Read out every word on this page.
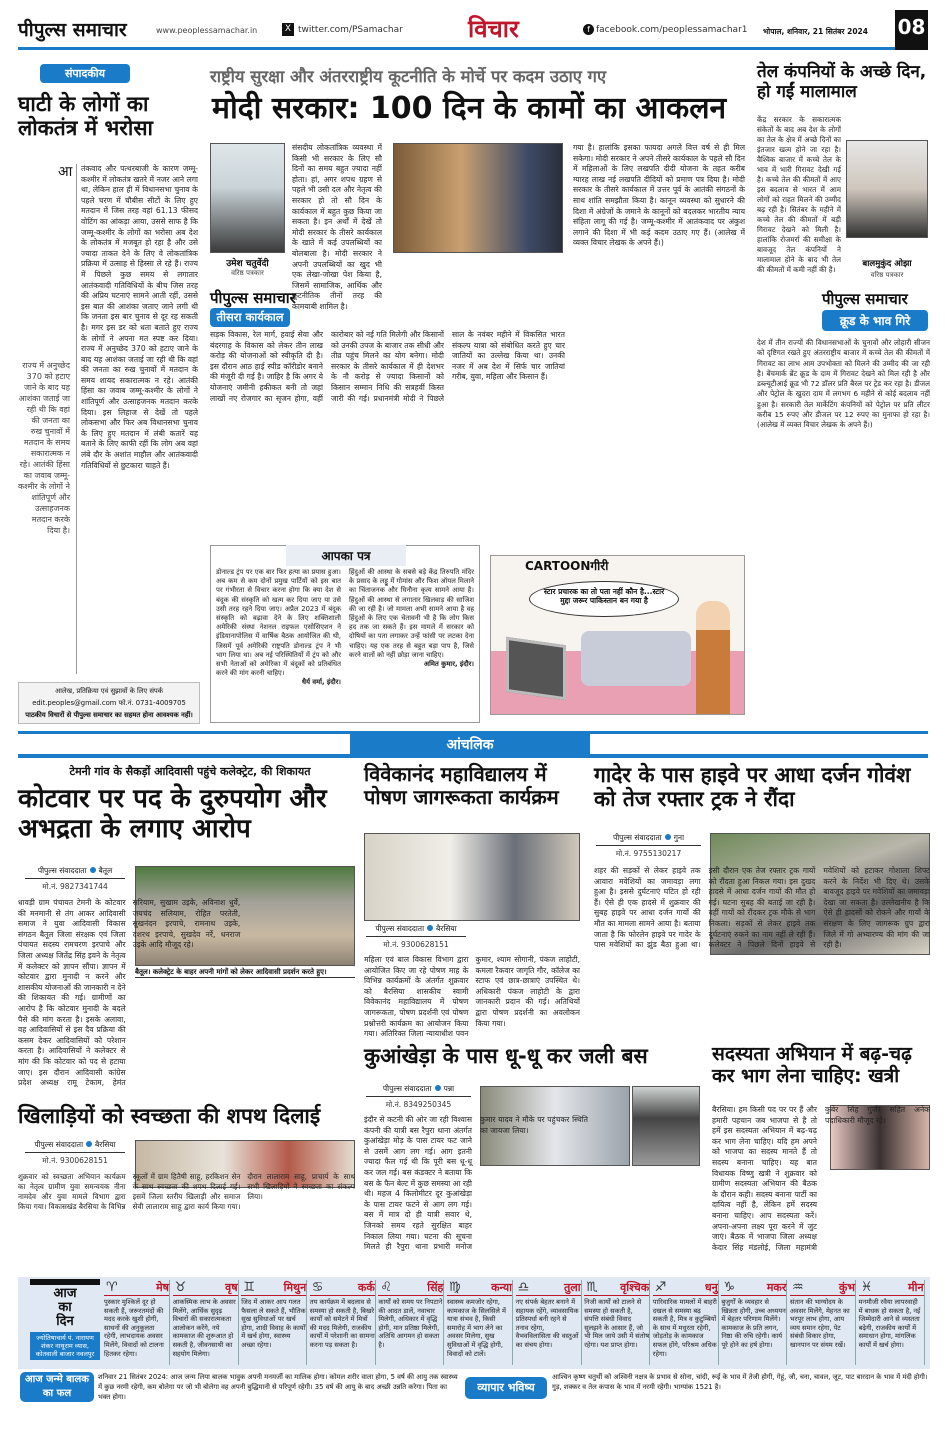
पीपुल्स समाचार	www.peoplessamachar.in	X twitter.com/PSamachar	विचार	f facebook.com/peoplessamachar1 भोपाल, शनिवार, 21 सितंबर 2024 08
संपादकीय
घाटी के लोगों का लोकतंत्र में भरोसा
आ
राज्य में अनुच्छेद 370 को हटाए जाने के बाद यह आशंका जताई जा रही थी कि वहां की जनता का रुख चुनावों में मतदान के समय सकारात्मक न रहे। आतंकी हिंसा का जवाब जम्मू-कश्मीर के लोगों ने शांतिपूर्ण और उत्साहजनक मतदान करके दिया है।
तंकवाद और पत्थरबाजी के कारण जम्मू-कश्मीर में लोकतंत्र खतरे में नजर आने लगा था, लेकिन हाल ही में विधानसभा चुनाव के पहले चरण में चौबीस सीटों के लिए हुए मतदान में जिस तरह वहां 61.13 फीसद वोटिंग का आंकड़ा आया, उससे साफ है कि जम्मू-कश्मीर के लोगों का भरोसा अब देश के लोकतंत्र में मजबूत हो रहा है और उसे ज्यादा ताकत देने के लिए वे लोकतांत्रिक प्रक्रिया में उत्साह से हिस्सा ले रहे हैं। राज्य में पिछले कुछ समय से लगातार आतंकवादी गतिविधियों के बीच जिस तरह की अप्रिय घटनाएं सामने आती रहीं, उससे इस बात की आशंका जताए जाने लगी थी कि जनता इस बार चुनाव से दूर रह सकती है। मगर इस डर को धता बताते हुए राज्य के लोगों ने अपना मत स्पष्ट कर दिया। राज्य में अनुच्छेद 370 को हटाए जाने के बाद यह आशंका जताई जा रही थी कि वहां की जनता का रुख चुनावों में मतदान के समय शायद सकारात्मक न रहे। आतंकी हिंसा का जवाब जम्मू-कश्मीर के लोगों ने शांतिपूर्ण और उत्साहजनक मतदान करके दिया। इस लिहाज से देखें तो पहले लोकसभा और फिर अब विधानसभा चुनाव के लिए हुए मतदान में लंबी कतारें यह बताने के लिए काफी रहीं कि लोग अब वहां लंबे दौर के अशांत माहौल और आतंकवादी गतिविधियों से छुटकारा चाहते हैं।
आलेख, प्रतिक्रिया एवं सुझावों के लिए संपर्क
edit.peoples@gmail.com फो.नं. 0731-4009705
पाठकीय विचारों से पीपुल्स समाचार का सहमत होना आवश्यक नहीं।
राष्ट्रीय सुरक्षा और अंतरराष्ट्रीय कूटनीति के मोर्चे पर कदम उठाए गए
मोदी सरकार: 100 दिन के कामों का आकलन
उमेश चतुर्वेदी
वरिष्ठ पत्रकार
पीपुल्स समाचार
तीसरा कार्यकाल
संसदीय लोकतांत्रिक व्यवस्था में किसी भी सरकार के लिए सौ दिनों का समय बहुत ज्यादा नहीं होता। हां, अगर शपथ ग्रहण से पहले भी उसी दल और नेतृत्व की सरकार हो तो सौ दिन के कार्यकाल में बहुत कुछ किया जा सकता है। इन अर्थों में देखें तो मोदी सरकार के तीसरे कार्यकाल के खाते में कई उपलब्धियों का बोलबाला है। मोदी सरकार ने अपनी उपलब्धियों का खुद भी एक लेखा-जोखा पेश किया है, जिसमें सामाजिक, आर्थिक और कूटनीतिक तीनों तरह की कामयाबी शामिल है।
सड़क विकास, रेल मार्ग, हवाई सेवा और बंदरगाह के विकास को लेकर तीन लाख करोड़ की योजनाओं को स्वीकृति दी है। इस दौरान आठ हाई स्पीड कॉरीडोर बनाने की मंजूरी दी गई है। जाहिर है कि अगर ये योजनाएं जमीनी हकीकत बनी तो जहां लाखों नए रोजगार का सृजन होगा, वहीं कारोबार को नई गति मिलेगी और किसानों को उनकी उपज के बाजार तक सीधी और तीव्र पहुंच मिलने का योग बनेगा। मोदी सरकार के तीसरे कार्यकाल में ही देशभर के नौ करोड़ से ज्यादा किसानों को किसान सम्मान निधि की सत्रहवीं किस्त जारी की गई। प्रधानमंत्री मोदी ने पिछले साल के नवंबर महीने में विकसित भारत संकल्प यात्रा को संबोधित करते हुए चार जातियों का उल्लेख किया था। उनकी नजर में अब देश में सिर्फ चार जातियां गरीब, युवा, महिला और किसान हैं।
गया है। हालांकि इसका फायदा अगले वित्त वर्ष से ही मिल सकेगा। मोदी सरकार ने अपने तीसरे कार्यकाल के पहले सौ दिन में महिलाओं के लिए लखपति दीदी योजना के तहत करीब ग्यारह लाख नई लखपति दीदियों को प्रमाण पत्र दिया है। मोदी सरकार के तीसरे कार्यकाल में उत्तर पूर्व के आतंकी संगठनों के साथ शांति समझौता किया है। कानून व्यवस्था को सुधारने की दिशा में अंग्रेजों के जमाने के कानूनों को बदलकर भारतीय न्याय संहिता लागू की गई है। जम्मू-कश्मीर में आतंकवाद पर अंकुश लगाने की दिशा में भी कई कदम उठाए गए हैं। (आलेख में व्यक्त विचार लेखक के अपने हैं।)
आपका पत्र
डोनाल्ड ट्रंप पर एक बार फिर हत्या का प्रयास हुआ। अब कम से कम दोनों प्रमुख पार्टियों को इस बात पर गंभीरता से विचार करना होगा कि क्या देश से बंदूक की संस्कृति को खत्म कर दिया जाए या उसे उसी तरह रहने दिया जाए। अप्रैल 2023 में बंदूक संस्कृति को बढ़ावा देने के लिए शक्तिशाली अमेरिकी संस्था नेशनल राइफल एसोसिएशन ने इंडियानापोलिस में वार्षिक बैठक आयोजित की थी, जिसमें पूर्व अमेरिकी राष्ट्रपति डोनाल्ड ट्रंप ने भी भाग लिया था। अब नई परिस्थितियों में ट्रंप को और सभी नेताओं को अमेरिका में बंदूकों को प्रतिबंधित करने की मांग करनी चाहिए।
धैर्य वर्मा, इंदौर।
हिंदुओं की आस्था के सबसे बड़े केंद्र तिरुपति मंदिर के प्रसाद के लड्डू में गोमांस और फिश ऑयल मिलाने का चिंताजनक और घिनौना कृत्य सामने आया है। हिंदुओं की आस्था से लगातार खिलवाड़ की साजिश की जा रही है। जो मामला अभी सामने आया है वह हिंदुओं के लिए एक चेतावनी भी है कि लोग किस हद तक जा सकते हैं। इस मामले में सरकार को दोषियों का पता लगाकर उन्हें फांसी पर लटका देना चाहिए। यह एक तरह से बहुत बड़ा पाप है, जिसे करने वालों को नहीं छोड़ा जाना चाहिए।
अमित कुमार, इंदौर।
CARTOONगीरी
स्टार प्रचारक का तो पता नहीं कौन है...स्टार मुद्दा जरूर पाकिस्तान बन गया है
तेल कंपनियों के अच्छे दिन, हो गईं मालामाल
केंद्र सरकार के सकारात्मक संकेतों के बाद अब देश के लोगों का तेल के क्षेत्र में अच्छे दिनों का इंतजार खत्म होने जा रहा है। वैश्विक बाजार में कच्चे तेल के भाव में भारी गिरावट देखी गई है। कच्चे तेल की कीमतों में आए इस बदलाव से भारत में आम लोगों को राहत मिलने की उम्मीद बढ़ रही है। सितंबर के महीने में कच्चे तेल की कीमतों में बड़ी गिरावट देखने को मिली है। हालांकि रोजमर्रा की समीक्षा के बावजूद तेल कंपनियों ने मालामाल होने के बाद भी तेल की कीमतों में कमी नहीं की है।
बालमुकुंद ओझा
वरिष्ठ पत्रकार
पीपुल्स समाचार
क्रूड के भाव गिरे
देश में तीन राज्यों की विधानसभाओं के चुनावों और लोहारी सीजन को दृष्टिगत रखते हुए अंतरराष्ट्रीय बाजार में कच्चे तेल की कीमतों में गिरावट का लाभ आम उपभोक्ता को मिलने की उम्मीद की जा रही है। बेंचमार्क ब्रेंट क्रूड के दाम में गिरावट देखने को मिल रही है और डब्ल्यूटीआई क्रूड भी 72 डॉलर प्रति बैरल पर ट्रेड कर रहा है। डीजल और पेट्रोल के खुदरा दाम में लगभग 6 महीने से कोई बदलाव नहीं हुआ है। सरकारी तेल मार्केटिंग कंपनियों को पेट्रोल पर प्रति लीटर करीब 15 रुपए और डीजल पर 12 रुपए का मुनाफा हो रहा है। (आलेख में व्यक्त विचार लेखक के अपने हैं।)
आंचलिक
टेमनी गांव के सैकड़ों आदिवासी पहुंचे कलेक्ट्रेट, की शिकायत
कोटवार पर पद के दुरुपयोग और अभद्रता के लगाए आरोप
पीपुल्स संवाददाता बैतूल
मो.नं. 9827341744
बैतूल। कलेक्ट्रेट के बाहर अपनी मांगों को लेकर आदिवासी प्रदर्शन करते हुए।
धावड़ी ग्राम पंचायत टेमनी के कोटवार की मनमानी से तंग आकर आदिवासी समाज ने युवा आदिवासी विकास संगठन बैतूल जिला संरक्षक एवं जिला पंचायत सदस्य रामचरण इरपाचे और जिला अध्यक्ष जितेंद्र सिंह इवने के नेतृत्व में कलेक्टर को ज्ञापन सौंपा। ज्ञापन में कोटवार द्वारा मुनादी न करने और शासकीय योजनाओं की जानकारी न देने की शिकायत की गई। ग्रामीणों का आरोप है कि कोटवार मुनादी के बदले पैसे की मांग करता है। इसके अलावा, वह आदिवासियों से इस दैव प्रक्रिया की कसम देकर आदिवासियों को परेशान करता है। आदिवासियों ने कलेक्टर से मांग की कि कोटवार को पद से हटाया जाए। इस दौरान आदिवासी कांग्रेस प्रदेश अध्यक्ष रामू टेकाम, हेमंत सरियाम, सुखाम उइके, अविनाश धुर्वे, जयचंद सलियाम, रोहित परतेती, सुखनंदन इरपाचे, रामनाथ उइके, दशरथ इरपाचे, सुखदेव नर्रे, धनराज उइके आदि मौजूद रहे।
खिलाड़ियों को स्वच्छता की शपथ दिलाई
पीपुल्स संवाददाता बैरसिया
मो.नं. 9300628151
शुक्रवार को स्वच्छता अभियान कार्यक्रम का नेतृत्व ग्रामीण युवा समन्वयक नीना नामदेव और युवा मामले विभाग द्वारा किया गया। विकासखंड बैरसिया के विभिन्न स्कूलों में ग्राम हितैषी साहू, हरकिशन सेन के साथ स्वच्छता की शपथ दिलाई गई। इसमें जिला स्तरीय खिलाड़ी और समाज सेवी लालाराम साहू द्वारा कार्य किया गया। दौरान लालाराम साहू, प्राचार्य के साथ सभी खिलाड़ियों ने स्वच्छता का संकल्प लिया।
विवेकानंद महाविद्यालय में पोषण जागरूकता कार्यक्रम
पीपुल्स संवाददाता बैरसिया
मो.नं. 9300628151
महिला एवं बाल विकास विभाग द्वारा आयोजित किए जा रहे पोषण माह के विभिन्न कार्यक्रमों के अंतर्गत शुक्रवार को बैरसिया शासकीय स्वामी विवेकानंद महाविद्यालय में पोषण जागरूकता, पोषण प्रदर्शनी एवं पोषण प्रश्नोत्तरी कार्यक्रम का आयोजन किया गया। अतिरिक्त जिला न्यायाधीश पवन कुमार, श्याम सोगानी, पंकज लाहोटी, कमला रैकवार जागृति गौर, कॉलेज का स्टाफ एवं छात्र-छात्राएं उपस्थित थे। अधिकारी पंकज लाहोटी के द्वारा जानकारी प्रदान की गई। अतिथियों द्वारा पोषण प्रदर्शनी का अवलोकन किया गया।
गादेर के पास हाइवे पर आधा दर्जन गोवंश को तेज रफ्तार ट्रक ने रौंदा
पीपुल्स संवाददाता गुना
मो.नं. 9755130217
शहर की सड़कों से लेकर हाइवे तक आवारा मवेशियों का जमावड़ा लगा हुआ है। इससे दुर्घटनाएं घटित हो रही हैं। ऐसे ही एक हादसे में शुक्रवार की सुबह हाइवे पर आधा दर्जन गायों की मौत का मामला सामने आया है। बताया जाता है कि फोरलेन हाइवे पर गादेर के पास मवेशियों का झुंड बैठा हुआ था। इसी दौरान एक तेज रफ्तार ट्रक गायों को रौंदता हुआ निकल गया। इस दुखद हादसे में आधा दर्जन गायों की मौत हो गई। घटना सुबह की बताई जा रही है। वहीं गायों को रौंदकर ट्रक मौके से भाग निकला। सड़कों से लेकर हाइवे तक दुर्घटनाएं रुकने का नाम नहीं ले रही हैं। कलेक्टर ने पिछले दिनों हाइवे से मवेशियों को हटाकर गोशाला शिफ्ट करने के निर्देश भी दिए थे। उसके बावजूद हाइवे पर मवेशियों का जमावड़ा देखा जा सकता है। उल्लेखनीय है कि ऐसे ही हादसों को रोकने और गायों के संरक्षण के लिए जागरूक ग्रुप द्वारा जिले में गो अभ्यारण्य की मांग की जा रही है।
कुआंखेड़ा के पास धू-धू कर जली बस
पीपुल्स संवाददाता पन्ना
मो.नं. 8349250345
इंदौर से कटनी की ओर जा रही विश्वास कंपनी की यात्री बस रैपुरा थाना अंतर्गत कुआंखेड़ा मोड़ के पास टायर फट जाने से उसमें आग लग गई। आग इतनी ज्यादा फैल गई थी कि पूरी बस धू-धू कर जल गई। बस कंडक्टर ने बताया कि बस के फैन बेल्ट में कुछ समस्या आ रही थी। महज 4 किलोमीटर दूर कुआंखेड़ा के पास टायर फटने से आग लग गई। बस में मात्र दो ही यात्री सवार थे, जिनको समय रहते सुरक्षित बाहर निकाल लिया गया। घटना की सूचना मिलते ही रैपुरा थाना प्रभारी मनोज कुमार यादव ने मौके पर पहुंचकर स्थिति का जायजा लिया।
सदस्यता अभियान में बढ़-चढ़ कर भाग लेना चाहिए: खत्री
बैरसिया। हम किसी पद पर पर हैं और हमारी पहचान जब भाजपा से है तो हमें इस सदस्यता अभियान में बढ़-चढ़ कर भाग लेना चाहिए। यदि हम अपने को भाजपा का सदस्य मानते हैं तो सदस्य बनाना चाहिए। यह बात विधायक विष्णु खत्री ने शुक्रवार को ग्रामीण सदस्यता अभियान की बैठक के दौरान कही। सदस्य बनाना पार्टी का दायित्व नहीं है, लेकिन हमें सदस्य बनाना चाहिए। आप सदस्यता करें। अपना-अपना लक्ष्य पूरा करने में जुट जाएं। बैठक में भाजपा जिला अध्यक्ष केदार सिंह मंडलोई, जिला महामंत्री कुबेर सिंह गुर्जर सहित अनेक पदाधिकारी मौजूद रहे।
आज
का
दिन
ज्योतिषाचार्य पं. नारायण शंकर नाथूराम व्यास, कोतवाली बाजार नवलपुर
♈	मेष
पुस्कार मुश्किलें दूर हो सकती हैं, जरूरतमंदों की मदद करके खुशी होगी, साथनों की अनुकूलता रहेगी, लाभदायक अवसर मिलेंगे, विवादों को टालना हितकर रहेगा।
♉	वृष
आकस्मिक लाभ के अवसर मिलेंगे, आर्थिक सुदृढ़ विचारों की सकारात्मकता आलोकन करेंगे, नये कामकाज की शुरूआत हो सकती है, जीवनसाथी का सहयोग मिलेगा।
♊	मिथुन
जिद में आकर आप गलत फैसला ले सकते हैं, भौतिक सुख सुविधाओं पर खर्च होगा, शादी विवाह के कार्यों में खर्च होगा, स्वास्थ्य अच्छा रहेगा।
♋	कर्क
तय कार्यक्रम में बदलाव से समस्या हो सकती है, बिखरे कार्यों को समेटने में मित्रों की मदद मिलेगी, राजकीय कार्यों में परेशानी का सामना करना पड़ सकता है।
♌	सिंह
कार्यों को समय पर निपटाने की आदत डालें, नवाचार मिलेगी, अधिकार में वृद्धि होगी, मान प्रतिष्ठा मिलेगी, अतिथि आगमन हो सकता है।
♍	कन्या
स्वास्थ्य कमजोर रहेगा, कामकाज के सिलसिले में यात्रा संभव है, किसी समारोह में भाग लेने का अवसर मिलेगा, सुख सुविधाओं में वृद्धि होगी, विवादों को टालें।
♎	तुला
नए संपर्क बेहतर बनाने में सहायक रहेंगे, व्यावसायिक प्रतिस्पर्धा बनी रहने से तनाव रहेगा, वैभवविलासिता की वस्तुओं का संचय होगा।
♏	वृश्चिक
निजी कार्यों को टालने से समस्या हो सकती है, संपत्ति संबंधी विवाद सुलझने के आसार हैं, जो भी मिल जाये उसी में संतोष रहेगा। यश प्राप्त होगा।
♐	धनु
पारिवारिक मामलों में बाहरी दखल से समस्या बढ़ सकती है, मित्र व कुटुम्बियों के साथ में मधुरता रहेगी, जोड़तोड़ के कामकाज सफल होंगे, परिश्रम अधिक रहेगा।
♑	मकर
बुजुर्गों के व्यवहार से खिन्नता होगी, उच्च अध्ययन में बेहतर परिणाम मिलेंगे। कामकाज के प्रति लगन, निष्ठा की रुचि रहेगी। कार्य पूरे होने का हर्ष होगा।
♒	कुंभ
संतान की भाग्योदय के अवसर मिलेंगे, मेहनत का भरपूर लाभ होगा, आय व्यय समान रहेगा, पेट संबंधी विकार होगा, खानपान पर संयम रखें।
♓	मीन
मनमौजी रवैया लापरवाही में बाधक हो सकता है, नई जिम्मेदारी आने से व्यस्तता बढ़ेगी, राजकीय कार्यों में समाधान होगा, मांगलिक कार्यों में खर्च होगा।
आज जन्मे बालक का फल
शनिवार 21 सितंबर 2024: आज जन्म लिया बालक भावुक अपनी मनमर्जी का मालिक होगा। कोमल शरीर वाला होगा, 5 वर्ष की आयु तक स्वास्थ्य में कुछ नरमी रहेगी, कम बोलेगा पर जो भी बोलेगा वह अपनी बुद्धिमानी से परिपूर्ण रहेगी। 35 वर्ष की आयु के बाद अच्छी उन्नति करेगा। पिता का भक्त होगा।
व्यापार भविष्य
आश्विन कृष्ण चतुर्थी को अश्विनी नक्षत्र के प्रभाव से सोना, चांदी, रूई के भाव में तेजी होगी, गेहूं, जौ, चना, चावल, जूट, पाट बारदान के भाव में मंदी होगी। गुड़, शक्कर व तेल कपास के भाव में नरमी रहेगी। भाग्यांक 1521 है।
